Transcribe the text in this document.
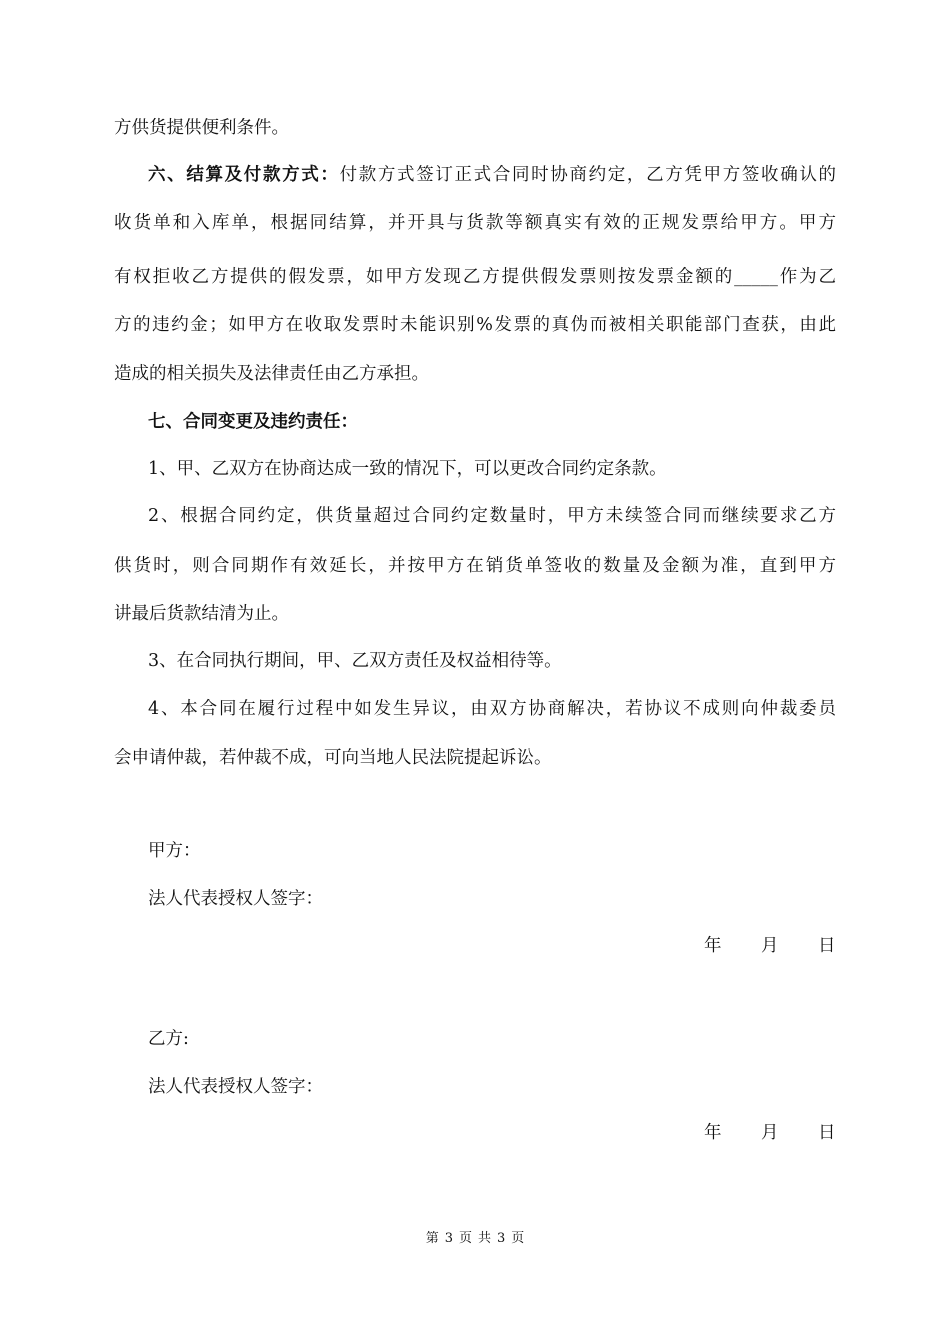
方供货提供便利条件。
六、结算及付款方式：付款方式签订正式合同时协商约定，乙方凭甲方签收确认的
收货单和入库单，根据同结算，并开具与货款等额真实有效的正规发票给甲方。甲方
有权拒收乙方提供的假发票，如甲方发现乙方提供假发票则按发票金额的_____作为乙
方的违约金；如甲方在收取发票时未能识别%发票的真伪而被相关职能部门查获，由此
造成的相关损失及法律责任由乙方承担。
七、合同变更及违约责任：
1、甲、乙双方在协商达成一致的情况下，可以更改合同约定条款。
2、根据合同约定，供货量超过合同约定数量时，甲方未续签合同而继续要求乙方
供货时，则合同期作有效延长，并按甲方在销货单签收的数量及金额为准，直到甲方
讲最后货款结清为止。
3、在合同执行期间，甲、乙双方责任及权益相待等。
4、本合同在履行过程中如发生异议，由双方协商解决，若协议不成则向仲裁委员
会申请仲裁，若仲裁不成，可向当地人民法院提起诉讼。
甲方：
法人代表授权人签字：
年 月 日
乙方:
法人代表授权人签字：
年 月 日
第 3 页 共 3 页
